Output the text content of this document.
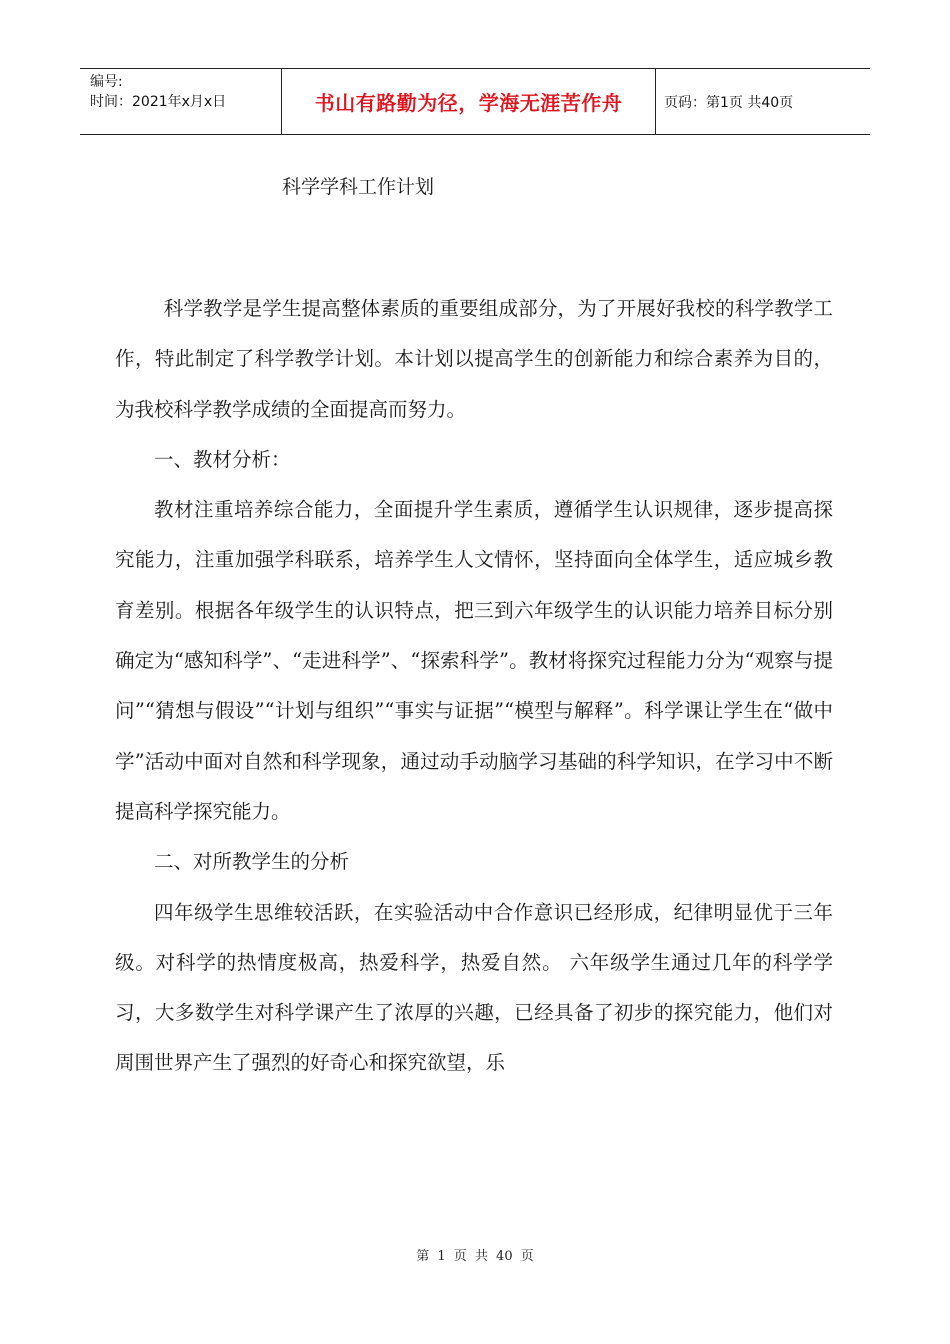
编号:
时间：2021年x月x日	书山有路勤为径，学海无涯苦作舟	页码：第1页 共40页
科学学科工作计划

科学教学是学生提高整体素质的重要组成部分，为了开展好我校的科学教学工作，特此制定了科学教学计划。本计划以提高学生的创新能力和综合素养为目的，为我校科学教学成绩的全面提高而努力。

一、教材分析：

教材注重培养综合能力，全面提升学生素质，遵循学生认识规律，逐步提高探究能力，注重加强学科联系，培养学生人文情怀，坚持面向全体学生，适应城乡教育差别。根据各年级学生的认识特点，把三到六年级学生的认识能力培养目标分别确定为“感知科学”、“走进科学”、“探索科学”。教材将探究过程能力分为“观察与提问”“猜想与假设”“计划与组织”“事实与证据”“模型与解释”。科学课让学生在“做中学”活动中面对自然和科学现象，通过动手动脑学习基础的科学知识，在学习中不断提高科学探究能力。

二、对所教学生的分析

四年级学生思维较活跃，在实验活动中合作意识已经形成，纪律明显优于三年级。对科学的热情度极高，热爱科学，热爱自然。 六年级学生通过几年的科学学习，大多数学生对科学课产生了浓厚的兴趣，已经具备了初步的探究能力，他们对周围世界产生了强烈的好奇心和探究欲望，乐

第 1 页 共 40 页
